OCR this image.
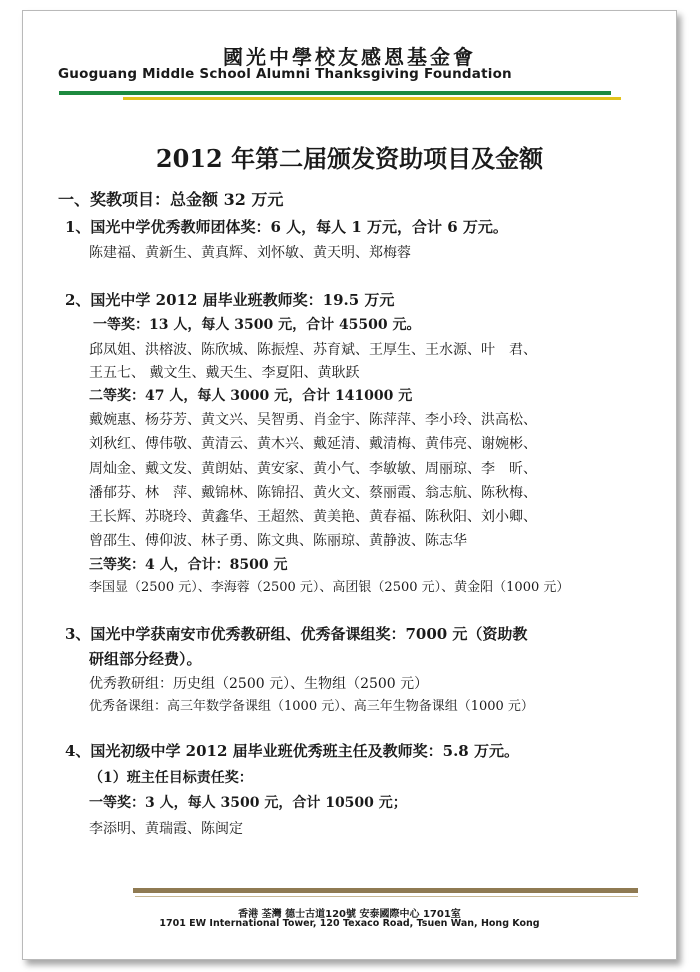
國光中學校友感恩基金會
Guoguang Middle School Alumni Thanksgiving Foundation
2012 年第二届颁发资助项目及金额
一、奖教项目：总金额 32 万元
1、国光中学优秀教师团体奖：6 人，每人 1 万元，合计 6 万元。
陈建福、黄新生、黄真辉、刘怀敏、黄天明、郑梅蓉
2、国光中学 2012 届毕业班教师奖：19.5 万元
一等奖：13 人，每人 3500 元，合计 45500 元。
邱凤姐、洪榕波、陈欣城、陈振煌、苏育斌、王厚生、王水源、叶　君、
王五七、 戴文生、戴天生、李夏阳、黄耿跃
二等奖：47 人，每人 3000 元，合计 141000 元
戴婉惠、杨芬芳、黄文兴、吴智勇、肖金宇、陈萍萍、李小玲、洪高松、
刘秋红、傅伟敬、黄清云、黄木兴、戴延清、戴清梅、黄伟亮、谢婉彬、
周灿金、戴文发、黄朗姑、黄安家、黄小气、李敏敏、周丽琼、李　昕、
潘郁芬、林　萍、戴锦林、陈锦招、黄火文、蔡丽霞、翁志航、陈秋梅、
王长辉、苏晓玲、黄鑫华、王超然、黄美艳、黄春福、陈秋阳、刘小卿、
曾邵生、傅仰波、林子勇、陈文典、陈丽琼、黄静波、陈志华
三等奖：4 人，合计：8500 元
李国显（2500 元）、李海蓉（2500 元）、高团银（2500 元）、黄金阳（1000 元）
3、国光中学获南安市优秀教研组、优秀备课组奖：7000 元（资助教
研组部分经费）。
优秀教研组：历史组（2500 元）、生物组（2500 元）
优秀备课组：高三年数学备课组（1000 元）、高三年生物备课组（1000 元）
4、国光初级中学 2012 届毕业班优秀班主任及教师奖：5.8 万元。
（1）班主任目标责任奖：
一等奖：3 人，每人 3500 元，合计 10500 元；
李添明、黄瑞霞、陈闽定
香港 荃灣 德士古道120號 安泰國際中心 1701室
1701 EW International Tower, 120 Texaco Road, Tsuen Wan, Hong Kong
